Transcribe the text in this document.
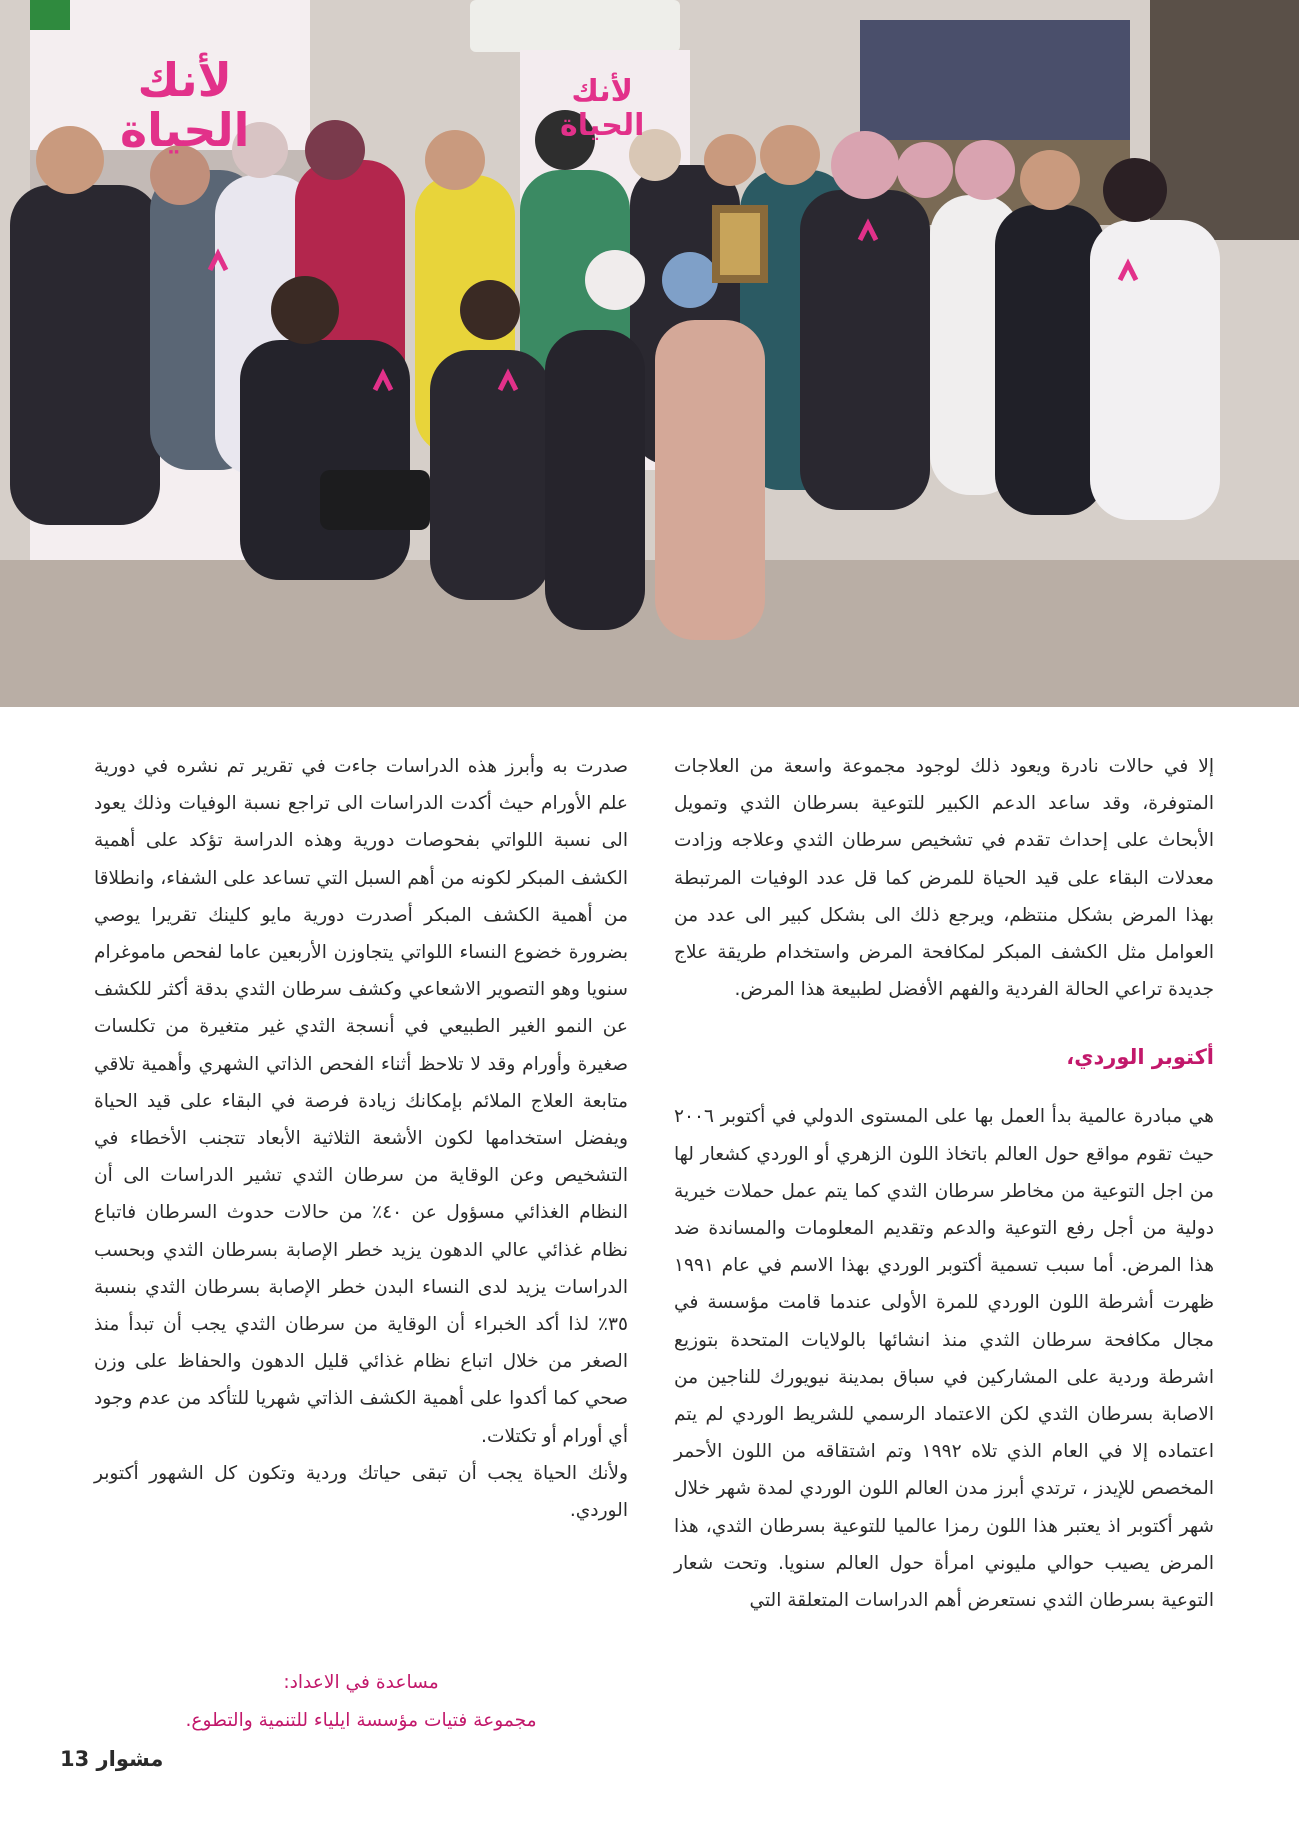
لأنك
الحياة
لأنك
الحياة

إلا في حالات نادرة ويعود ذلك لوجود مجموعة واسعة من العلاجات المتوفرة، وقد ساعد الدعم الكبير للتوعية بسرطان الثدي وتمويل الأبحاث على إحداث تقدم في تشخيص سرطان الثدي وعلاجه وزادت معدلات البقاء على قيد الحياة للمرض كما قل عدد الوفيات المرتبطة بهذا المرض بشكل منتظم، ويرجع ذلك الى بشكل كبير الى عدد من العوامل مثل الكشف المبكر لمكافحة المرض واستخدام طريقة علاج جديدة تراعي الحالة الفردية والفهم الأفضل لطبيعة هذا المرض.

أكتوبر الوردي،

هي مبادرة عالمية بدأ العمل بها على المستوى الدولي في أكتوبر ٢٠٠٦ حيث تقوم مواقع حول العالم باتخاذ اللون الزهري أو الوردي كشعار لها من اجل التوعية من مخاطر سرطان الثدي كما يتم عمل حملات خيرية دولية من أجل رفع التوعية والدعم وتقديم المعلومات والمساندة ضد هذا المرض. أما سبب تسمية أكتوبر الوردي بهذا الاسم في عام ١٩٩١ ظهرت أشرطة اللون الوردي للمرة الأولى عندما قامت مؤسسة في مجال مكافحة سرطان الثدي منذ انشائها بالولايات المتحدة بتوزيع اشرطة وردية على المشاركين في سباق بمدينة نيويورك للناجين من الاصابة بسرطان الثدي لكن الاعتماد الرسمي للشريط الوردي لم يتم اعتماده إلا في العام الذي تلاه ١٩٩٢ وتم اشتقاقه من اللون الأحمر المخصص للإيدز ، ترتدي أبرز مدن العالم اللون الوردي لمدة شهر خلال شهر أكتوبر اذ يعتبر هذا اللون رمزا عالميا للتوعية بسرطان الثدي، هذا المرض يصيب حوالي مليوني امرأة حول العالم سنويا. وتحت شعار التوعية بسرطان الثدي نستعرض أهم الدراسات المتعلقة التي

صدرت به وأبرز هذه الدراسات جاءت في تقرير تم نشره في دورية علم الأورام حيث أكدت الدراسات الى تراجع نسبة الوفيات وذلك يعود الى نسبة اللواتي بفحوصات دورية وهذه الدراسة تؤكد على أهمية الكشف المبكر لكونه من أهم السبل التي تساعد على الشفاء، وانطلاقا من أهمية الكشف المبكر أصدرت دورية مايو كلينك تقريرا يوصي بضرورة خضوع النساء اللواتي يتجاوزن الأربعين عاما لفحص ماموغرام سنويا وهو التصوير الاشعاعي وكشف سرطان الثدي بدقة أكثر للكشف عن النمو الغير الطبيعي في أنسجة الثدي غير متغيرة من تكلسات صغيرة وأورام وقد لا تلاحظ أثناء الفحص الذاتي الشهري وأهمية تلاقي متابعة العلاج الملائم بإمكانك زيادة فرصة في البقاء على قيد الحياة ويفضل استخدامها لكون الأشعة الثلاثية الأبعاد تتجنب الأخطاء في التشخيص وعن الوقاية من سرطان الثدي تشير الدراسات الى أن النظام الغذائي مسؤول عن ٤٠٪ من حالات حدوث السرطان فاتباع نظام غذائي عالي الدهون يزيد خطر الإصابة بسرطان الثدي وبحسب الدراسات يزيد لدى النساء البدن خطر الإصابة بسرطان الثدي بنسبة ٣٥٪ لذا أكد الخبراء أن الوقاية من سرطان الثدي يجب أن تبدأ منذ الصغر من خلال اتباع نظام غذائي قليل الدهون والحفاظ على وزن صحي كما أكدوا على أهمية الكشف الذاتي شهريا للتأكد من عدم وجود أي أورام أو تكتلات.

ولأنك الحياة يجب أن تبقى حياتك وردية وتكون كل الشهور أكتوبر الوردي.

مساعدة في الاعداد:
مجموعة فتيات مؤسسة ايلياء للتنمية والتطوع.
مشوار 13
